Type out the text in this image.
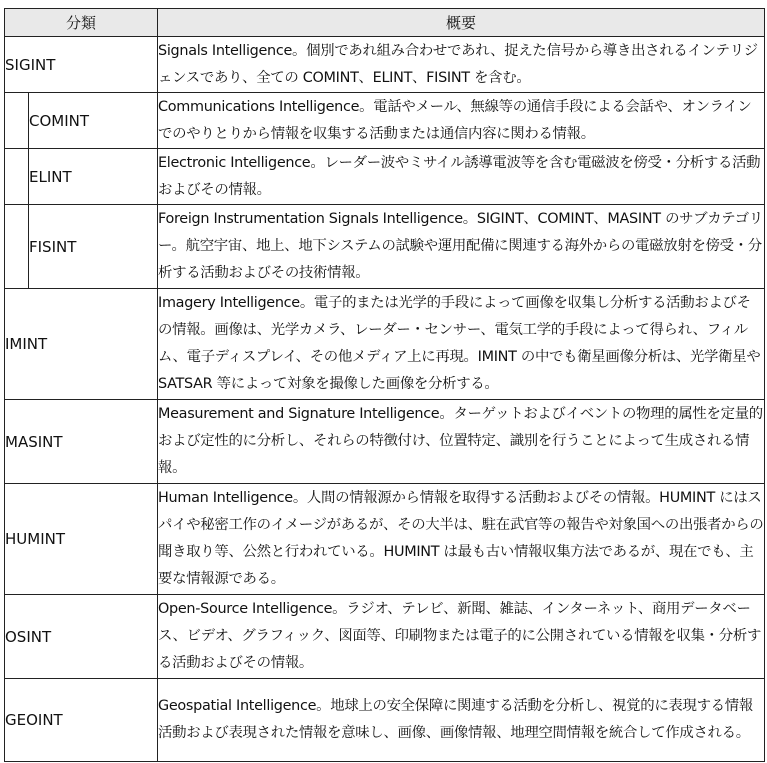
分類		概要
SIGINT		Signals Intelligence。個別であれ組み合わせであれ、捉えた信号から導き出されるインテリジェンスであり、全ての COMINT、ELINT、FISINT を含む。
	COMINT	Communications Intelligence。電話やメール、無線等の通信手段による会話や、オンラインでのやりとりから情報を収集する活動または通信内容に関わる情報。
	ELINT	Electronic Intelligence。レーダー波やミサイル誘導電波等を含む電磁波を傍受・分析する活動およびその情報。
	FISINT	Foreign Instrumentation Signals Intelligence。SIGINT、COMINT、MASINT のサブカテゴリー。航空宇宙、地上、地下システムの試験や運用配備に関連する海外からの電磁放射を傍受・分析する活動およびその技術情報。
IMINT		Imagery Intelligence。電子的または光学的手段によって画像を収集し分析する活動およびその情報。画像は、光学カメラ、レーダー・センサー、電気工学的手段によって得られ、フィルム、電子ディスプレイ、その他メディア上に再現。IMINT の中でも衛星画像分析は、光学衛星や SATSAR 等によって対象を撮像した画像を分析する。
MASINT		Measurement and Signature Intelligence。ターゲットおよびイベントの物理的属性を定量的および定性的に分析し、それらの特徴付け、位置特定、識別を行うことによって生成される情報。
HUMINT		Human Intelligence。人間の情報源から情報を取得する活動およびその情報。HUMINT にはスパイや秘密工作のイメージがあるが、その大半は、駐在武官等の報告や対象国への出張者からの聞き取り等、公然と行われている。HUMINT は最も古い情報収集方法であるが、現在でも、主要な情報源である。
OSINT		Open-Source Intelligence。ラジオ、テレビ、新聞、雑誌、インターネット、商用データベース、ビデオ、グラフィック、図面等、印刷物または電子的に公開されている情報を収集・分析する活動およびその情報。
GEOINT		Geospatial Intelligence。地球上の安全保障に関連する活動を分析し、視覚的に表現する情報活動および表現された情報を意味し、画像、画像情報、地理空間情報を統合して作成される。
